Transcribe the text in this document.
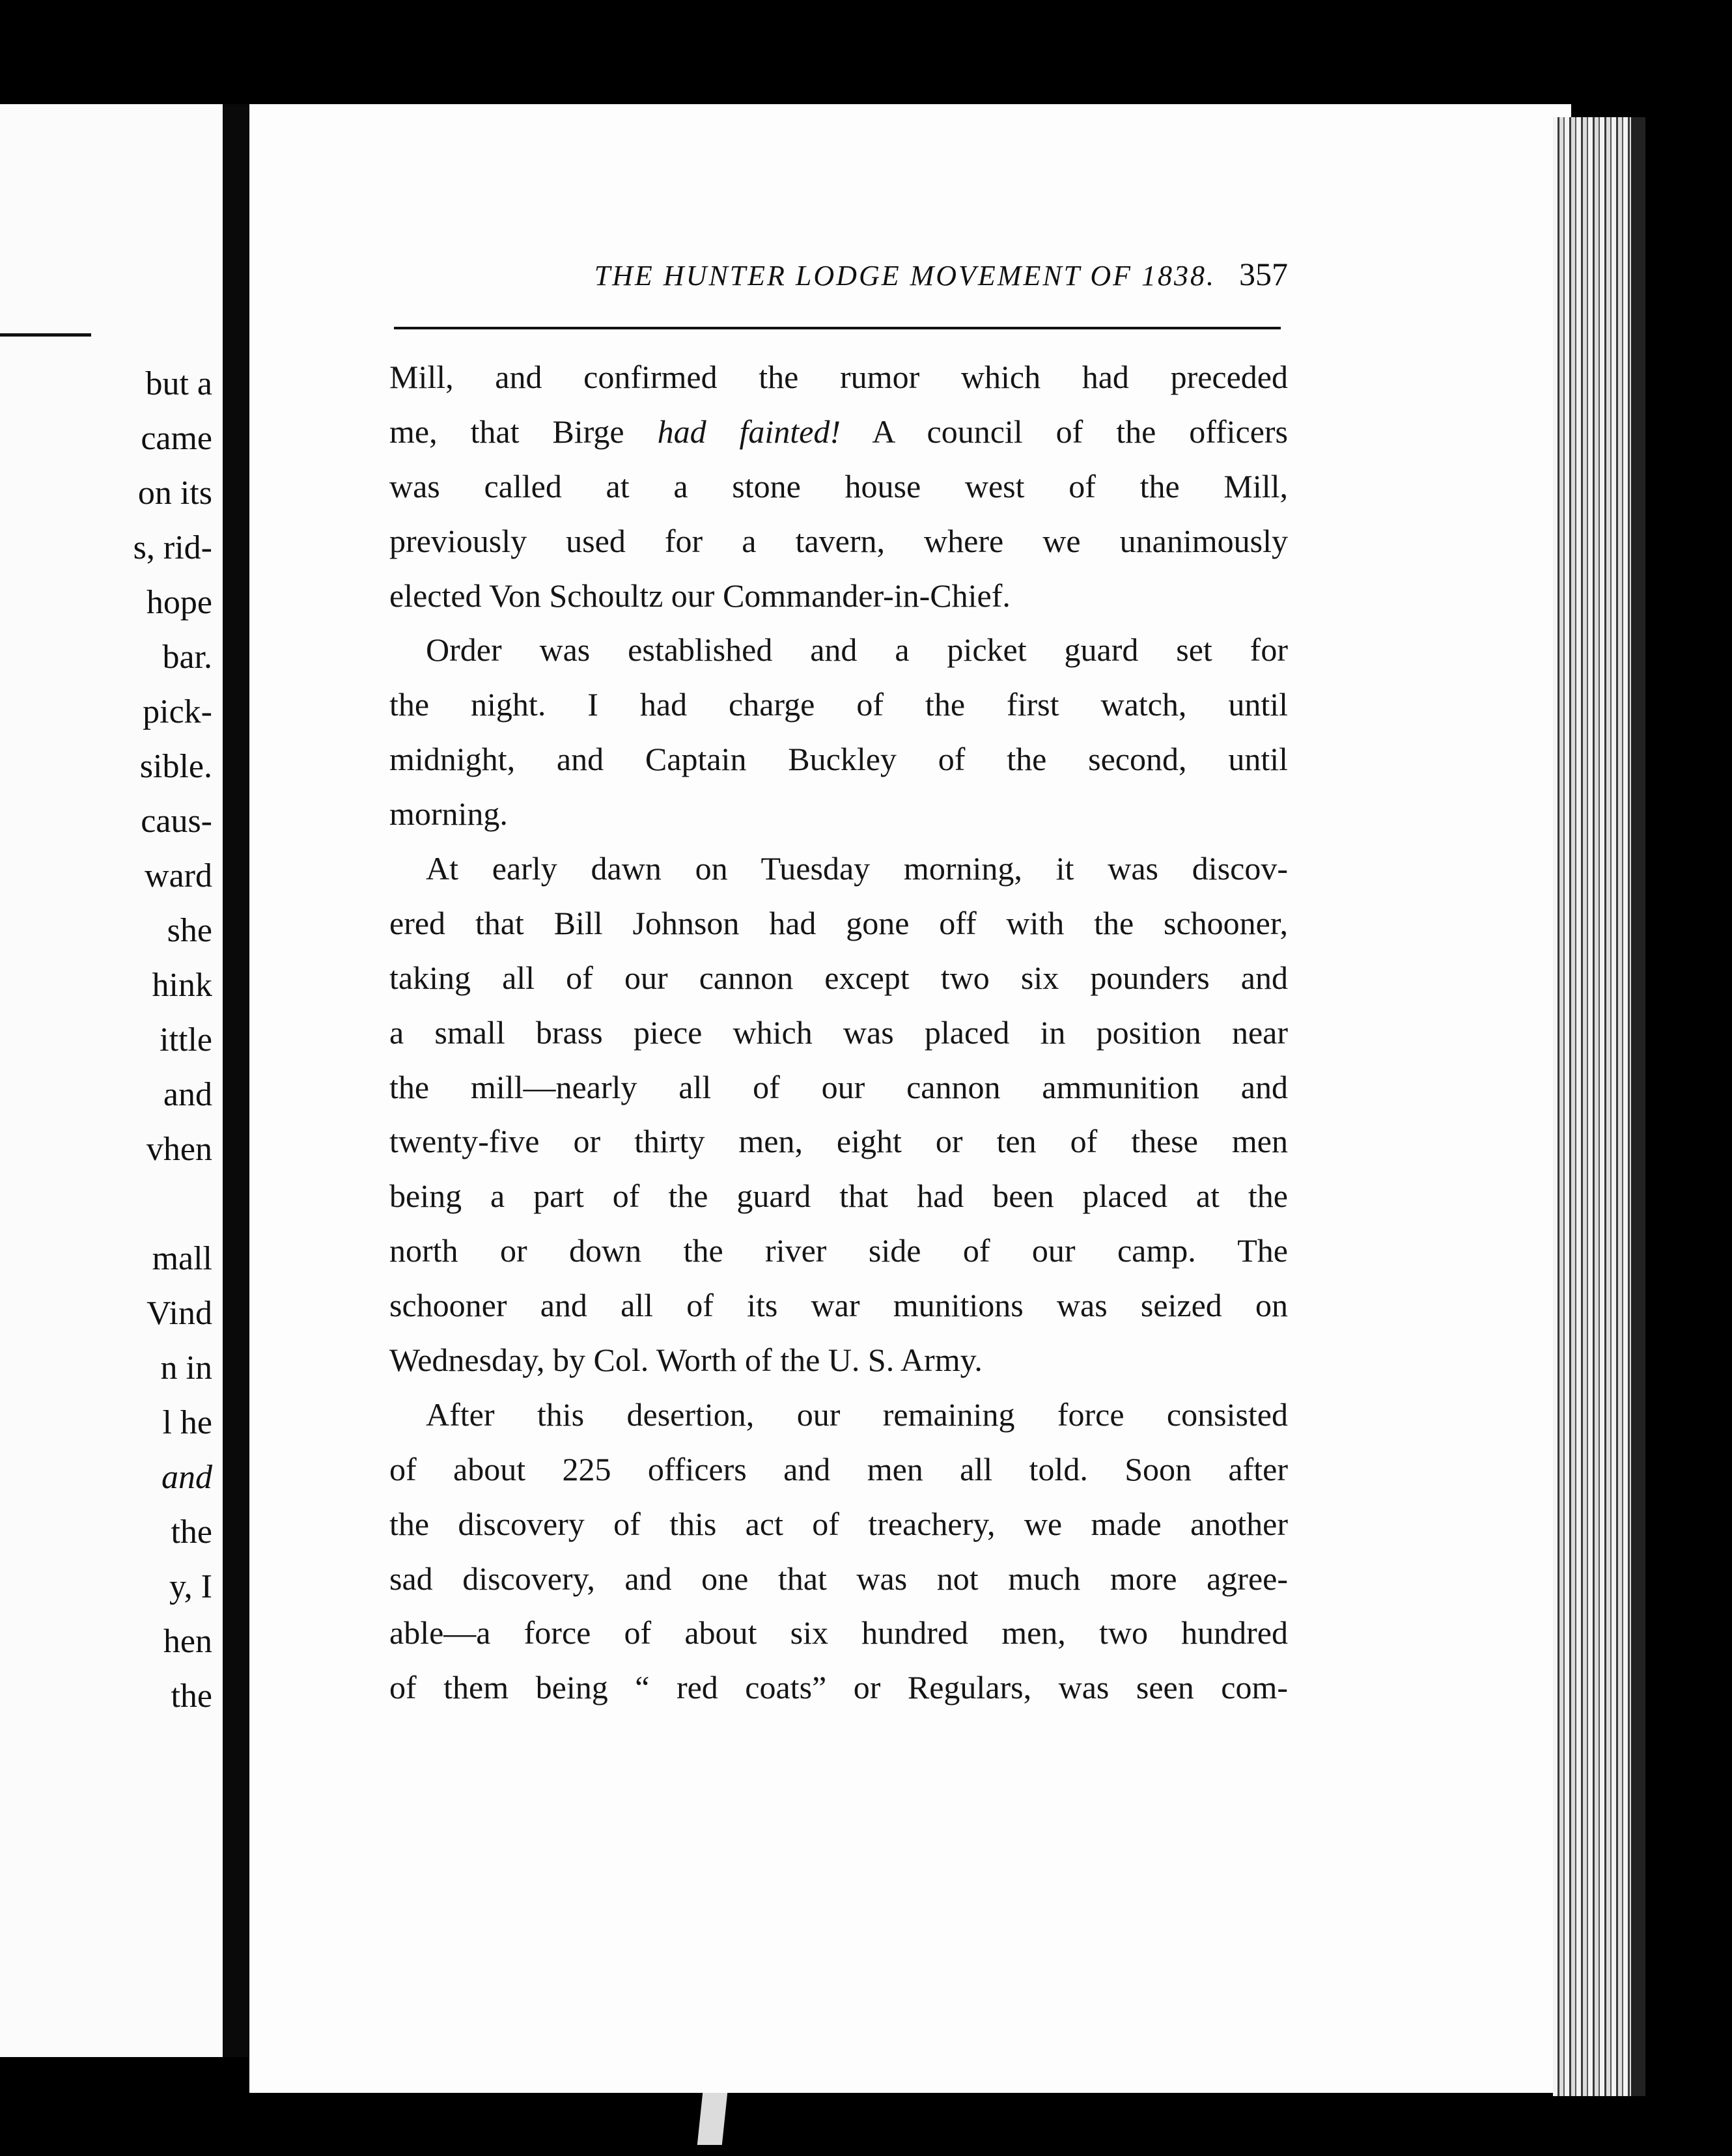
but a
came
on its
s, rid-
hope
bar.
pick-
sible.
caus-
ward
she
hink
ittle
and
vhen
mall
Vind
n in
l he
and
the
y, I
hen
the
THE HUNTER LODGE MOVEMENT OF 1838. 357
Mill, and confirmed the rumor which had preceded
me, that Birge had fainted! A council of the officers
was called at a stone house west of the Mill,
previously used for a tavern, where we unanimously
elected Von Schoultz our Commander-in-Chief.
Order was established and a picket guard set for
the night. I had charge of the first watch, until
midnight, and Captain Buckley of the second, until
morning.
At early dawn on Tuesday morning, it was discov-
ered that Bill Johnson had gone off with the schooner,
taking all of our cannon except two six pounders and
a small brass piece which was placed in position near
the mill—nearly all of our cannon ammunition and
twenty-five or thirty men, eight or ten of these men
being a part of the guard that had been placed at the
north or down the river side of our camp. The
schooner and all of its war munitions was seized on
Wednesday, by Col. Worth of the U. S. Army.
After this desertion, our remaining force consisted
of about 225 officers and men all told. Soon after
the discovery of this act of treachery, we made another
sad discovery, and one that was not much more agree-
able—a force of about six hundred men, two hundred
of them being “ red coats” or Regulars, was seen com-
